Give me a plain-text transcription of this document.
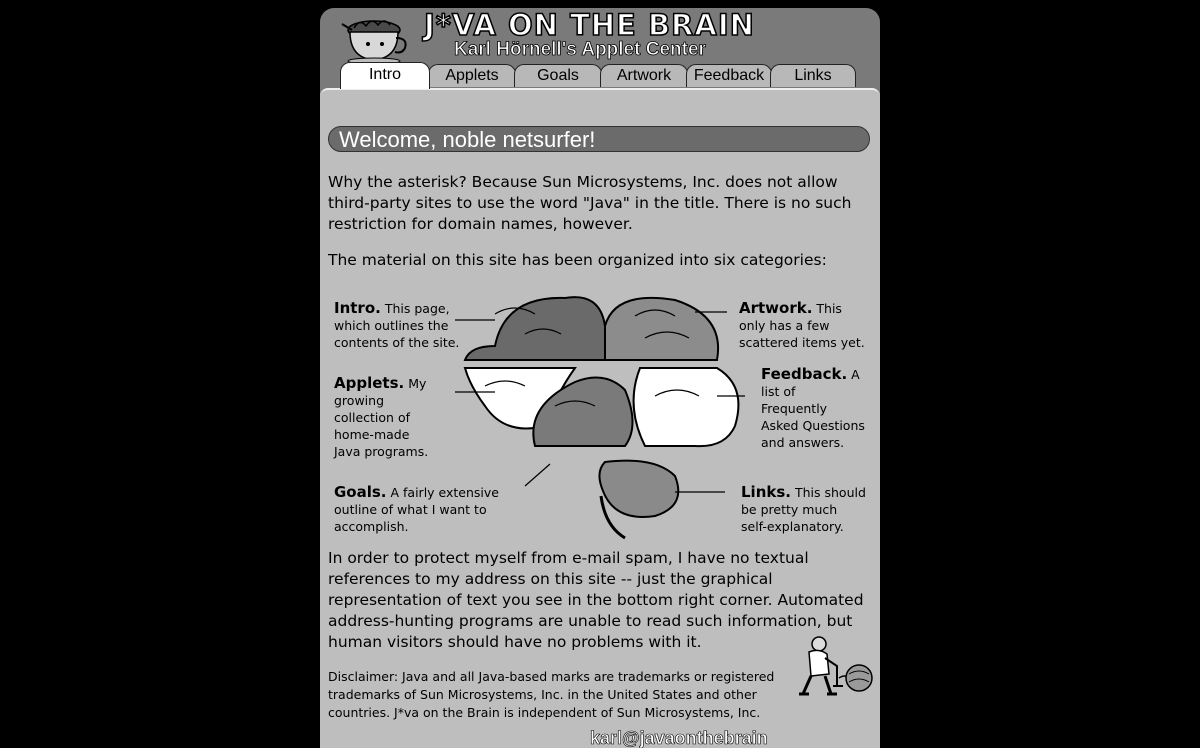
J*VA ON THE BRAIN
Karl Hörnell's Applet Center
Intro	Applets	Goals	Artwork	Feedback	Links
Welcome, noble netsurfer!

Why the asterisk? Because Sun Microsystems, Inc. does not allow third-party sites to use the word "Java" in the title. There is no such restriction for domain names, however.

The material on this site has been organized into six categories:

Intro. This page, which outlines the contents of the site.
Applets. My growing collection of home-made Java programs.
Goals. A fairly extensive outline of what I want to accomplish.
Artwork. This only has a few scattered items yet.
Feedback. A list of Frequently Asked Questions and answers.
Links. This should be pretty much self-explanatory.

In order to protect myself from e-mail spam, I have no textual references to my address on this site -- just the graphical representation of text you see in the bottom right corner. Automated address-hunting programs are unable to read such information, but human visitors should have no problems with it.

Disclaimer: Java and all Java-based marks are trademarks or registered trademarks of Sun Microsystems, Inc. in the United States and other countries. J*va on the Brain is independent of Sun Microsystems, Inc.

karl@javaonthebrain
